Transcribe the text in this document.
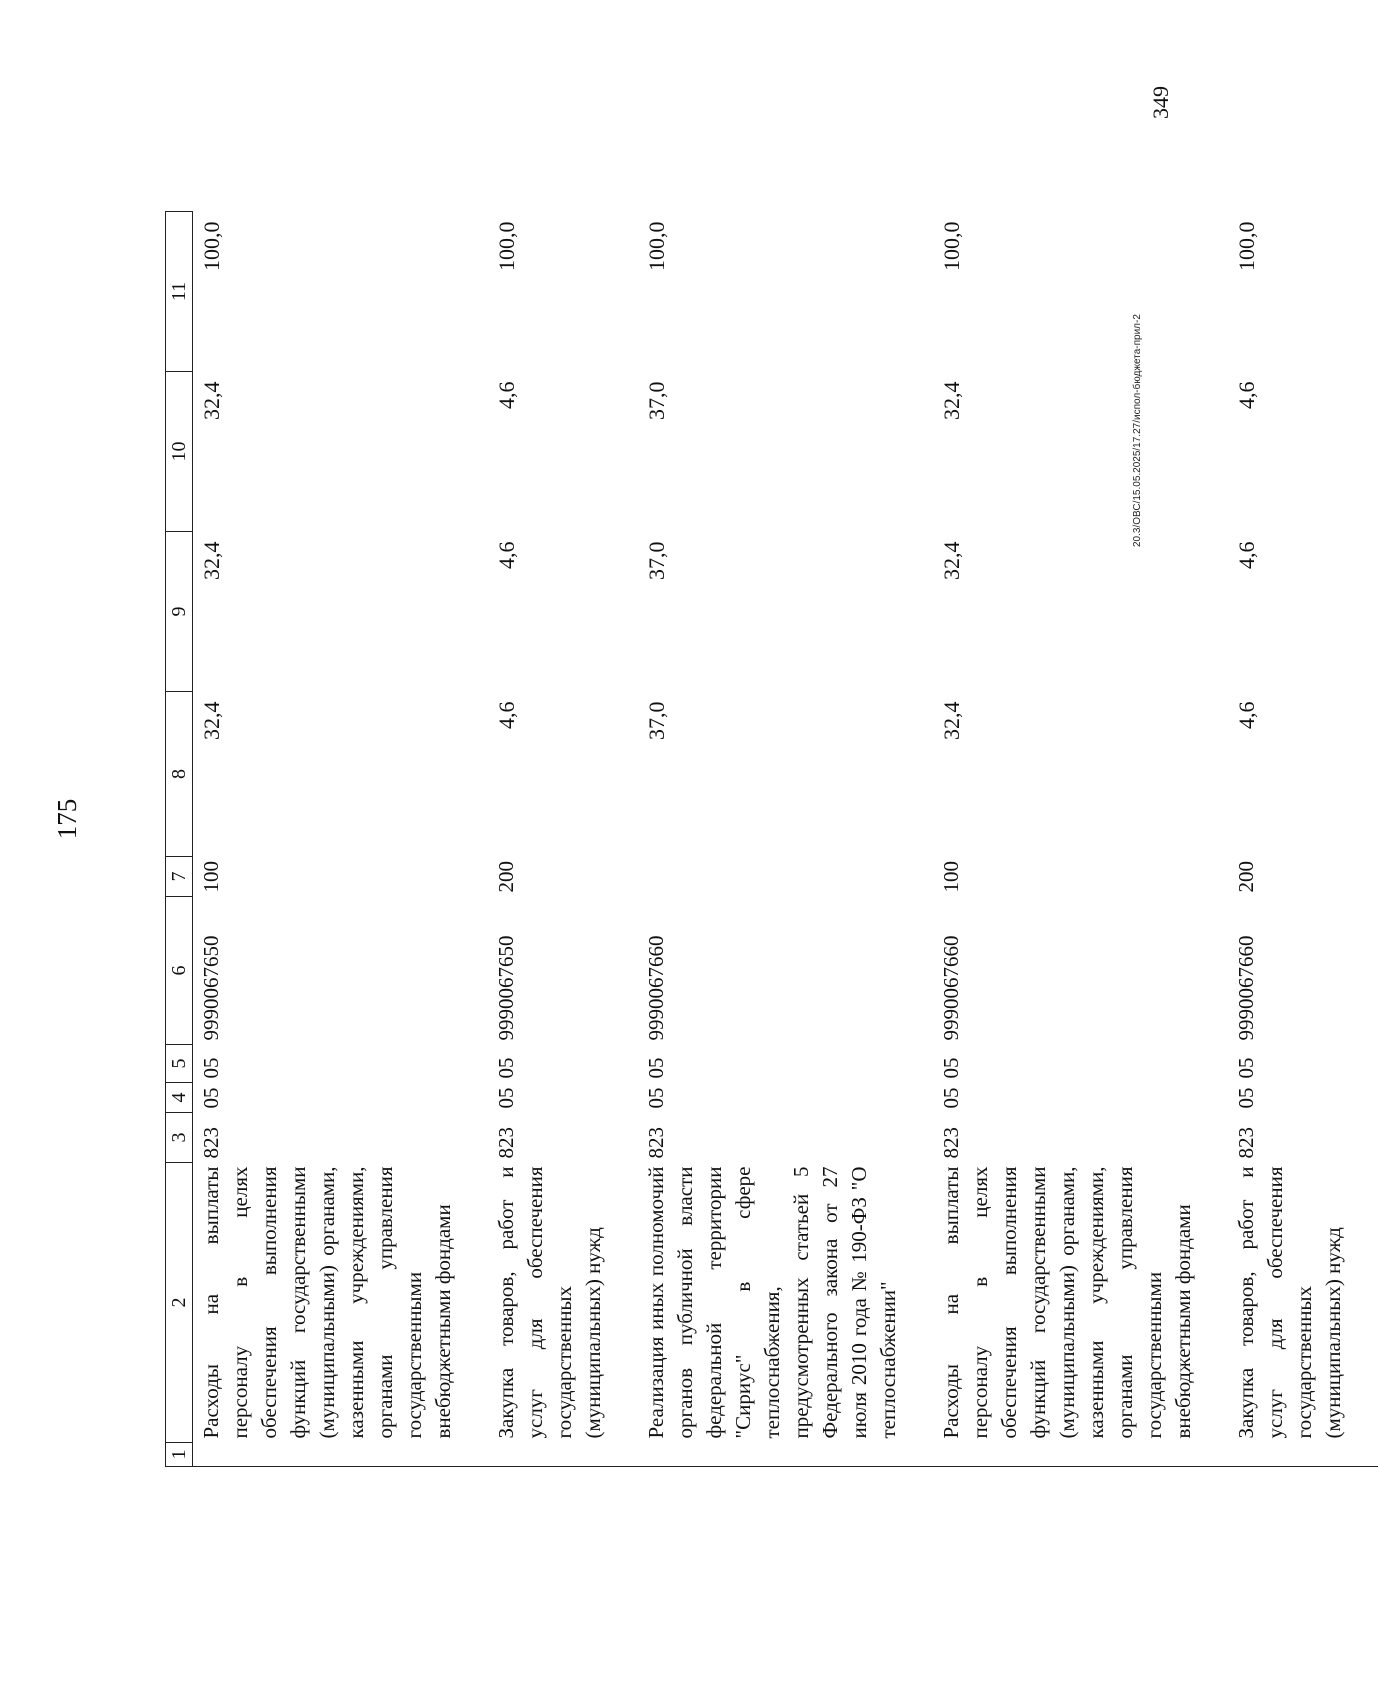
175
1	2	3	4	5	6	7	8	9	10	11
	Расходы на выплаты персоналу в целях обеспечения выполнения функций государственными (муниципальными) органами, казенными учреждениями, органами управления государственными внебюджетными фондами	823	05	05	9990067650	100	32,4	32,4	32,4	100,0
	Закупка товаров, работ и услуг для обеспечения государственных (муниципальных) нужд	823	05	05	9990067650	200	4,6	4,6	4,6	100,0
	Реализация иных полномочий органов публичной власти федеральной территории "Сириус" в сфере теплоснабжения, предусмотренных статьей 5 Федерального закона от 27 июля 2010 года № 190-ФЗ "О теплоснабжении"	823	05	05	9990067660		37,0	37,0	37,0	100,0
	Расходы на выплаты персоналу в целях обеспечения выполнения функций государственными (муниципальными) органами, казенными учреждениями, органами управления государственными внебюджетными фондами	823	05	05	9990067660	100	32,4	32,4	32,4	100,0
	Закупка товаров, работ и услуг для обеспечения государственных (муниципальных) нужд	823	05	05	9990067660	200	4,6	4,6	4,6	100,0
20.3/ОВС/15.05.2025/17.27/испол-бюджета-прил-2
349
